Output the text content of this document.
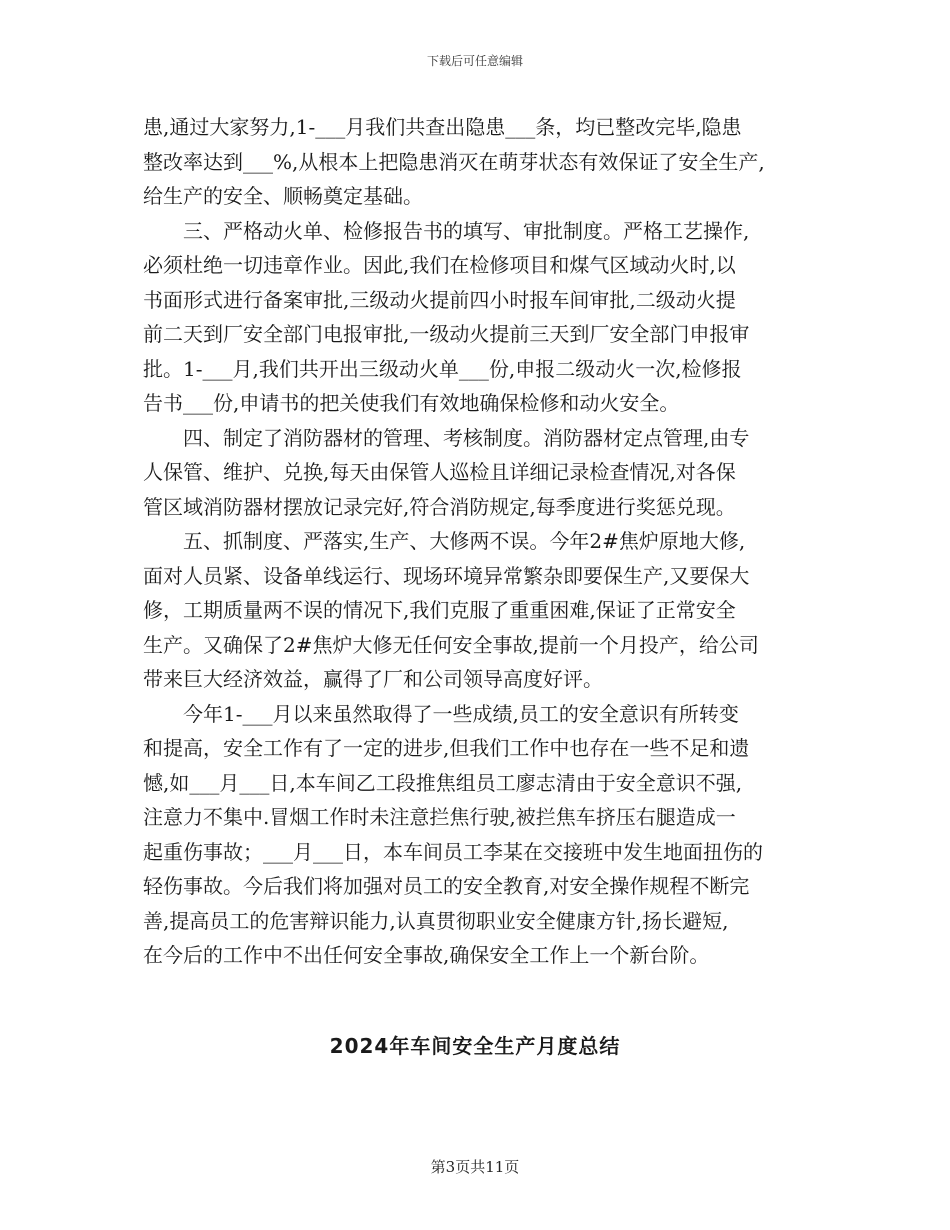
下载后可任意编辑
患,通过大家努力,1-___月我们共查出隐患___条，均已整改完毕,隐患
整改率达到___%,从根本上把隐患消灭在萌芽状态有效保证了安全生产,
给生产的安全、顺畅奠定基础。
　　三、严格动火单、检修报告书的填写、审批制度。严格工艺操作,
必须杜绝一切违章作业。因此,我们在检修项目和煤气区域动火时,以
书面形式进行备案审批,三级动火提前四小时报车间审批,二级动火提
前二天到厂安全部门电报审批,一级动火提前三天到厂安全部门申报审
批。1-___月,我们共开出三级动火单___份,申报二级动火一次,检修报
告书___份,申请书的把关使我们有效地确保检修和动火安全。
　　四、制定了消防器材的管理、考核制度。消防器材定点管理,由专
人保管、维护、兑换,每天由保管人巡检且详细记录检查情况,对各保
管区域消防器材摆放记录完好,符合消防规定,每季度进行奖惩兑现。
　　五、抓制度、严落实,生产、大修两不误。今年2#焦炉原地大修,
面对人员紧、设备单线运行、现场环境异常繁杂即要保生产,又要保大
修，工期质量两不误的情况下,我们克服了重重困难,保证了正常安全
生产。又确保了2#焦炉大修无任何安全事故,提前一个月投产，给公司
带来巨大经济效益，赢得了厂和公司领导高度好评。
　　今年1-___月以来虽然取得了一些成绩,员工的安全意识有所转变
和提高，安全工作有了一定的进步,但我们工作中也存在一些不足和遗
憾,如___月___日,本车间乙工段推焦组员工廖志清由于安全意识不强,
注意力不集中.冒烟工作时未注意拦焦行驶,被拦焦车挤压右腿造成一
起重伤事故；___月___日，本车间员工李某在交接班中发生地面扭伤的
轻伤事故。今后我们将加强对员工的安全教育,对安全操作规程不断完
善,提高员工的危害辩识能力,认真贯彻职业安全健康方针,扬长避短,
在今后的工作中不出任何安全事故,确保安全工作上一个新台阶。
2024年车间安全生产月度总结
第3页共11页
